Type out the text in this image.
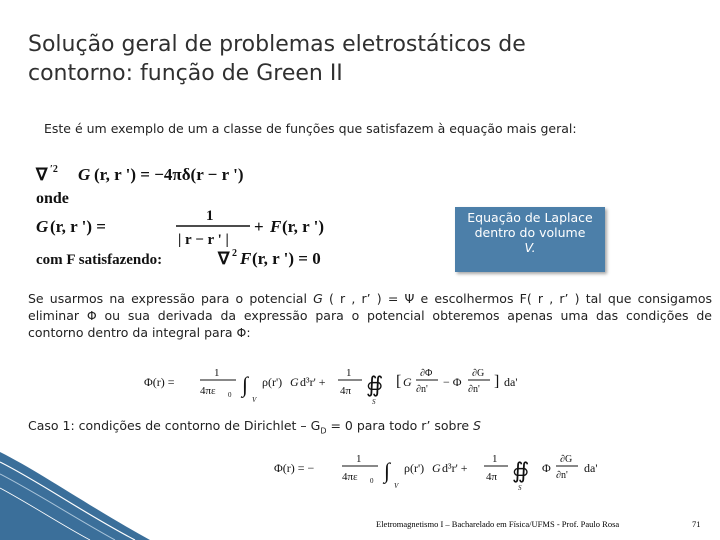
Solução geral de problemas eletrostáticos de contorno: função de Green II
Este é um exemplo de um a classe de funções que satisfazem à equação mais geral:
∇ ′2 G (r, r ') = −4πδ(r − r ')
onde
G (r, r ') =
1
| r − r ' |
+ F (r, r ')
com F satisfazendo:	∇ 2 F (r, r ') = 0
Equação de Laplace
dentro do volume
V.
Se usarmos na expressão para o potencial G ( r , r’ ) = Ψ e escolhermos F( r , r’ ) tal que consigamos eliminar Φ ou sua derivada da expressão para o potencial obteremos apenas uma das condições de contorno dentro da integral para Φ:
Φ(r) =
1
4πε 0 ∫
V
ρ(r') G d³r' +
1
4π ∯
S
[ G
∂Φ
∂n'
− Φ
∂G
∂n' ] da'
Caso 1: condições de contorno de Dirichlet – $G_D = 0$ para todo r’ sobre S
Φ(r) = −
1
4πε 0 ∫
V
ρ(r') G d³r' +
1
4π ∯
S
Φ
∂G
∂n'
da'
Eletromagnetismo I – Bacharelado em Física/UFMS - Prof. Paulo Rosa	71
